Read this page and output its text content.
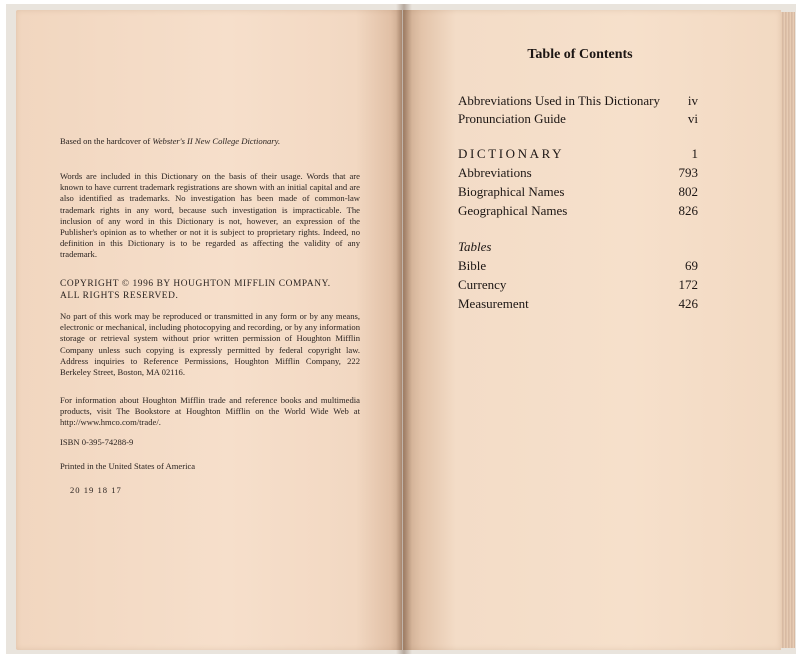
Based on the hardcover of Webster's II New College Dictionary.

Words are included in this Dictionary on the basis of their usage. Words that are known to have current trademark registrations are shown with an initial capital and are also identified as trademarks. No investigation has been made of common-law trademark rights in any word, because such investigation is impracticable. The inclusion of any word in this Dictionary is not, however, an expression of the Publisher's opinion as to whether or not it is subject to proprietary rights. Indeed, no definition in this Dictionary is to be regarded as affecting the validity of any trademark.

COPYRIGHT © 1996 BY HOUGHTON MIFFLIN COMPANY.

ALL RIGHTS RESERVED.

No part of this work may be reproduced or transmitted in any form or by any means, electronic or mechanical, including photocopying and recording, or by any information storage or retrieval system without prior written permission of Houghton Mifflin Company unless such copying is expressly permitted by federal copyright law. Address inquiries to Reference Permissions, Houghton Mifflin Company, 222 Berkeley Street, Boston, MA 02116.

For information about Houghton Mifflin trade and reference books and multimedia products, visit The Bookstore at Houghton Mifflin on the World Wide Web at http://www.hmco.com/trade/.

ISBN 0-395-74288-9

Printed in the United States of America

20 19 18 17

Table of Contents
Abbreviations Used in This Dictionary iv
Pronunciation Guide	vi
DICTIONARY	1
Abbreviations	793
Biographical Names	802
Geographical Names	826
Tables
Bible	69
Currency	172
Measurement	426
